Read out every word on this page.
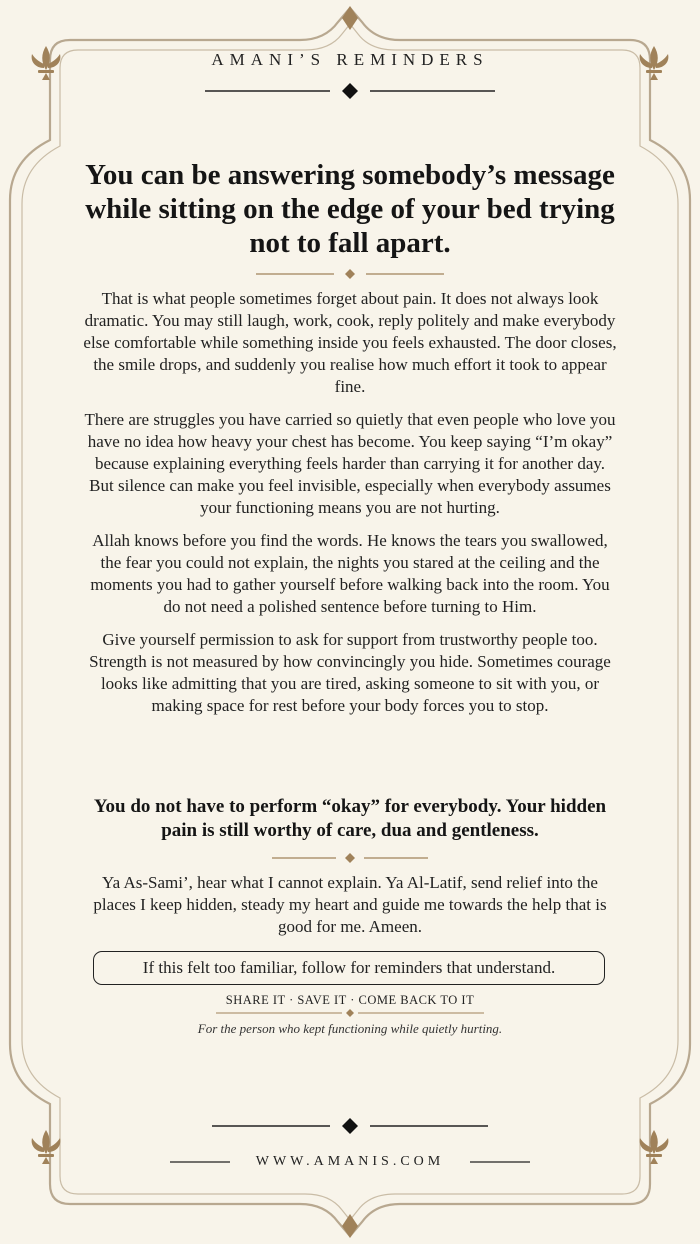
AMANI’S REMINDERS
You can be answering somebody’s message while sitting on the edge of your bed trying not to fall apart.

That is what people sometimes forget about pain. It does not always look dramatic. You may still laugh, work, cook, reply politely and make everybody else comfortable while something inside you feels exhausted. The door closes, the smile drops, and suddenly you realise how much effort it took to appear fine.

There are struggles you have carried so quietly that even people who love you have no idea how heavy your chest has become. You keep saying “I’m okay” because explaining everything feels harder than carrying it for another day. But silence can make you feel invisible, especially when everybody assumes your functioning means you are not hurting.

Allah knows before you find the words. He knows the tears you swallowed, the fear you could not explain, the nights you stared at the ceiling and the moments you had to gather yourself before walking back into the room. You do not need a polished sentence before turning to Him.

Give yourself permission to ask for support from trustworthy people too. Strength is not measured by how convincingly you hide. Sometimes courage looks like admitting that you are tired, asking someone to sit with you, or making space for rest before your body forces you to stop.

You do not have to perform “okay” for everybody. Your hidden pain is still worthy of care, dua and gentleness.
Ya As-Sami’, hear what I cannot explain. Ya Al-Latif, send relief into the places I keep hidden, steady my heart and guide me towards the help that is good for me. Ameen.
If this felt too familiar, follow for reminders that understand.
SHARE IT · SAVE IT · COME BACK TO IT
For the person who kept functioning while quietly hurting.
WWW.AMANIS.COM
